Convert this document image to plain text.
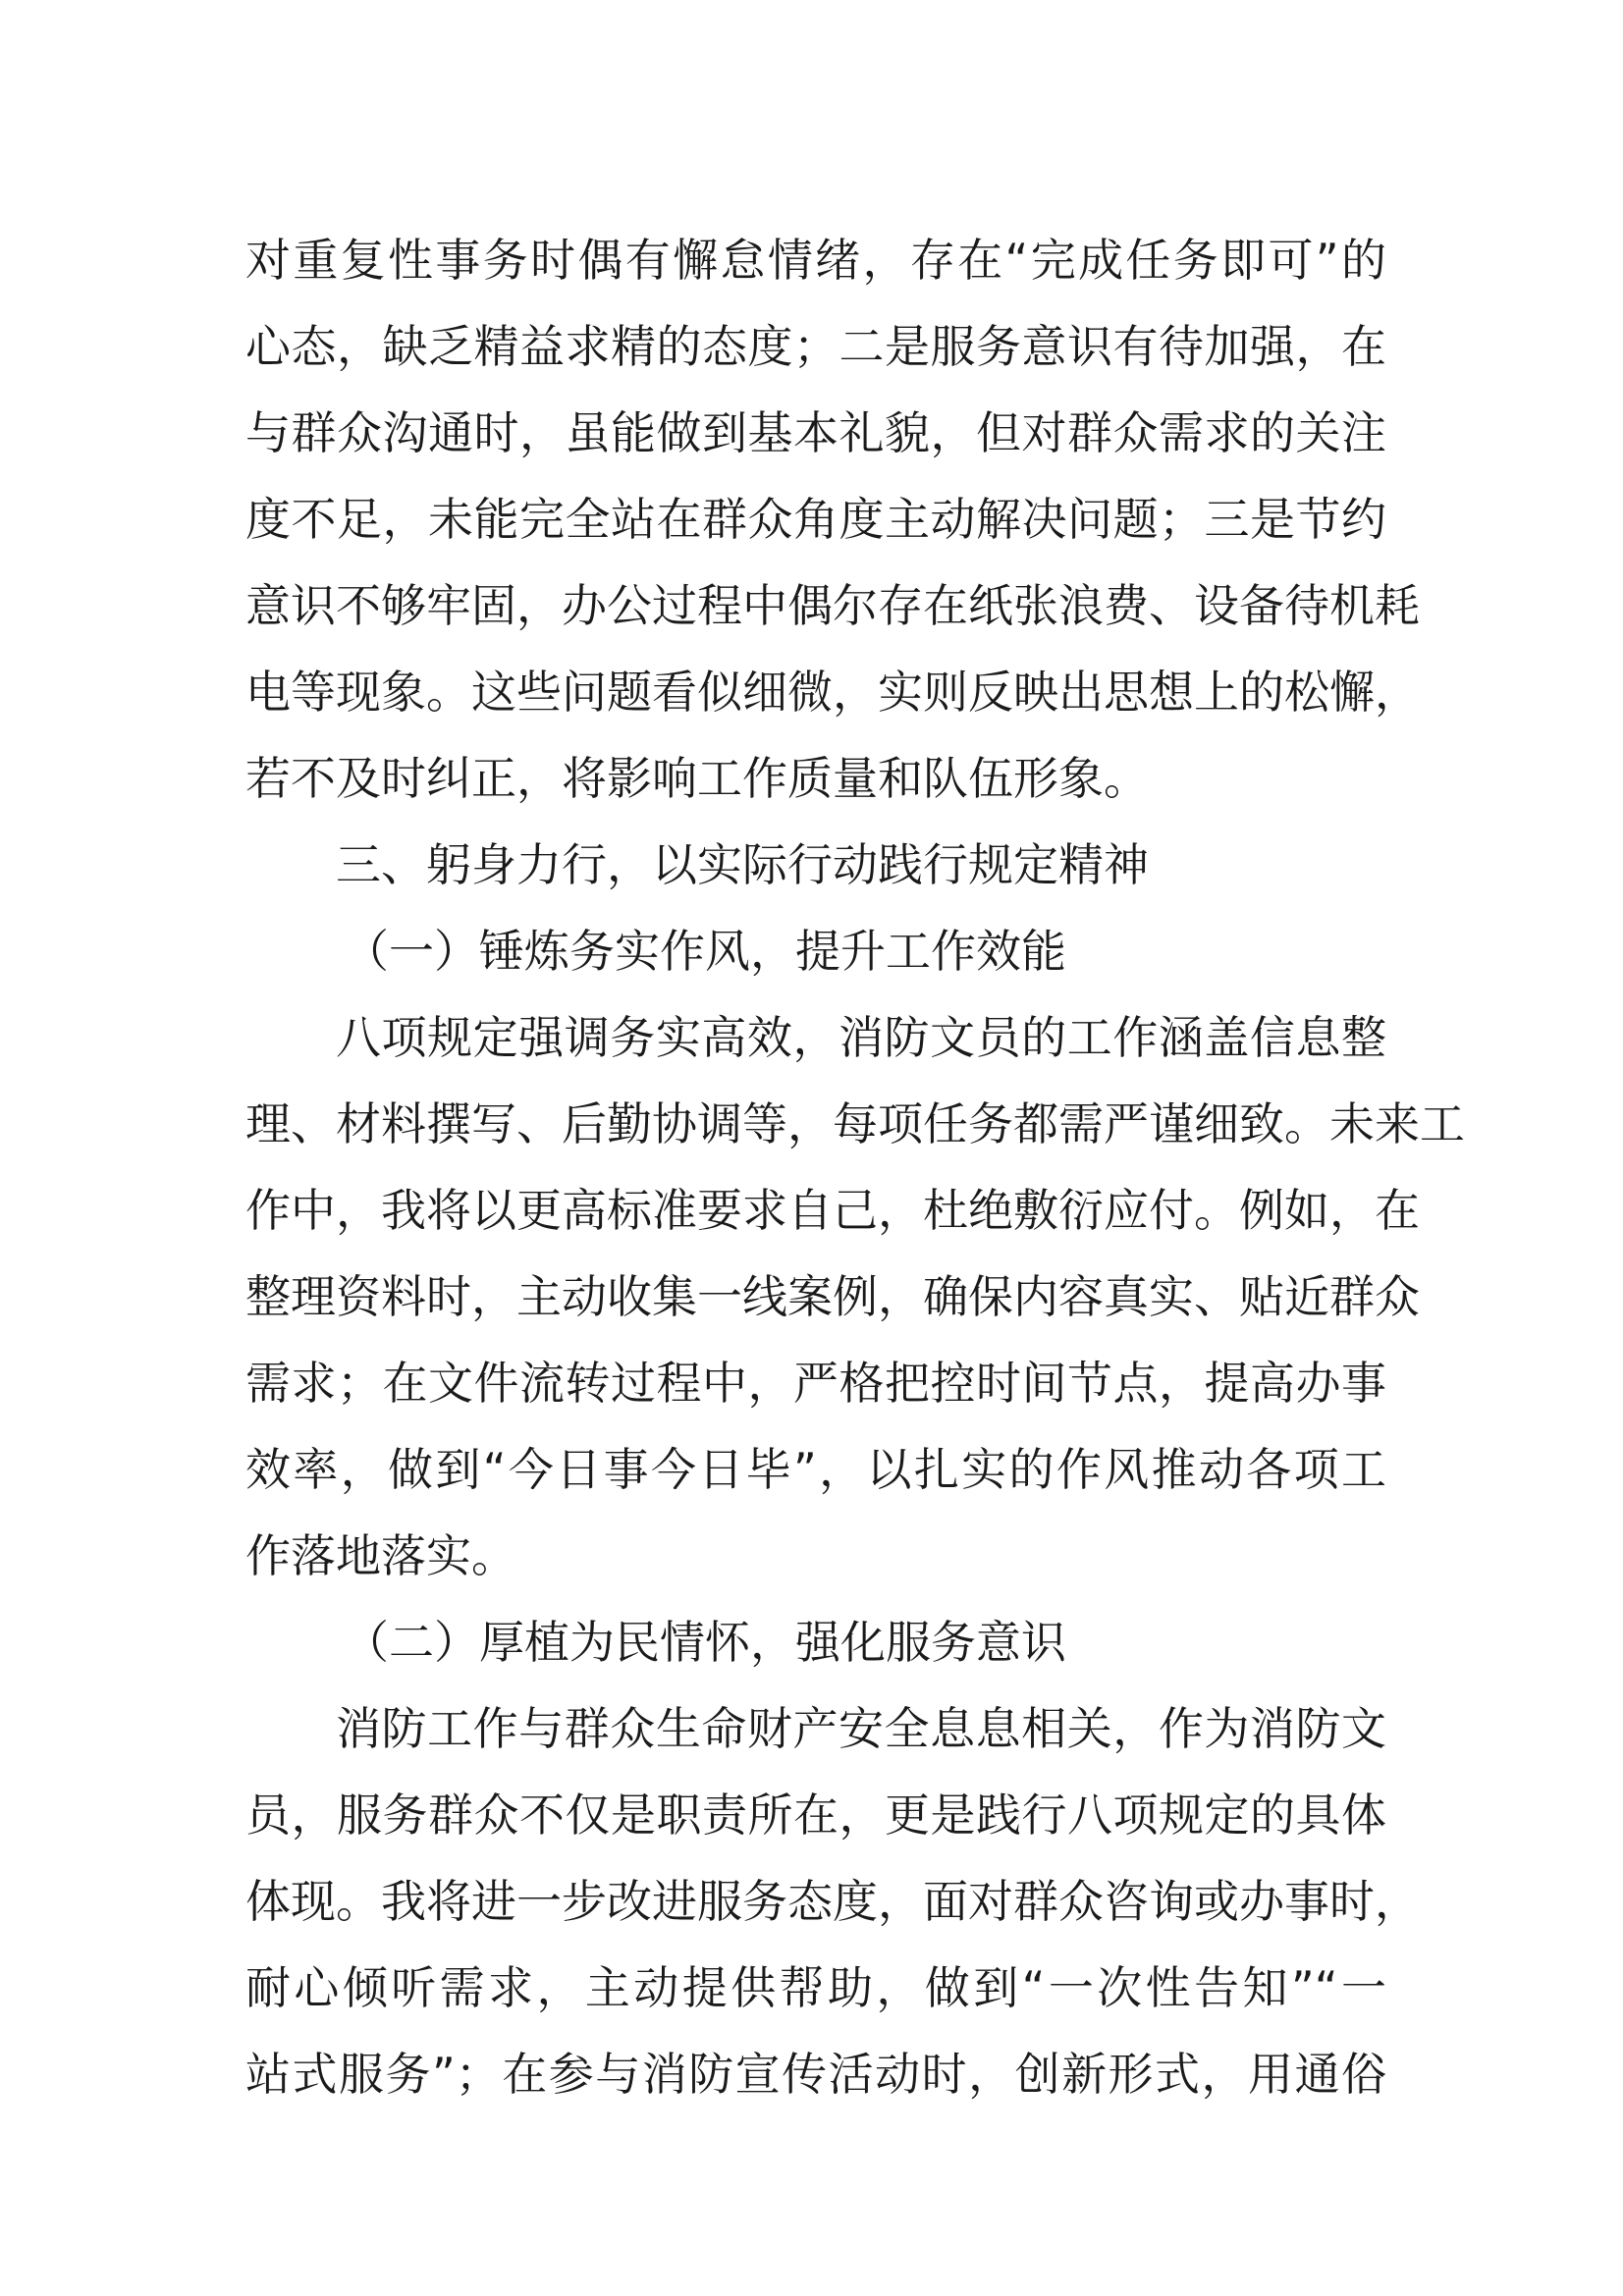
对重复性事务时偶有懈怠情绪，存在“完成任务即可”的
心态，缺乏精益求精的态度；二是服务意识有待加强，在
与群众沟通时，虽能做到基本礼貌，但对群众需求的关注
度不足，未能完全站在群众角度主动解决问题；三是节约
意识不够牢固，办公过程中偶尔存在纸张浪费、设备待机耗
电等现象。这些问题看似细微，实则反映出思想上的松懈，
若不及时纠正，将影响工作质量和队伍形象。
三、躬身力行，以实际行动践行规定精神
（一）锤炼务实作风，提升工作效能
八项规定强调务实高效，消防文员的工作涵盖信息整
理、材料撰写、后勤协调等，每项任务都需严谨细致。未来工
作中，我将以更高标准要求自己，杜绝敷衍应付。例如，在
整理资料时，主动收集一线案例，确保内容真实、贴近群众
需求；在文件流转过程中，严格把控时间节点，提高办事
效率，做到“今日事今日毕”，以扎实的作风推动各项工
作落地落实。
（二）厚植为民情怀，强化服务意识
消防工作与群众生命财产安全息息相关，作为消防文
员，服务群众不仅是职责所在，更是践行八项规定的具体
体现。我将进一步改进服务态度，面对群众咨询或办事时，
耐心倾听需求，主动提供帮助，做到“一次性告知”“一
站式服务”；在参与消防宣传活动时，创新形式，用通俗
